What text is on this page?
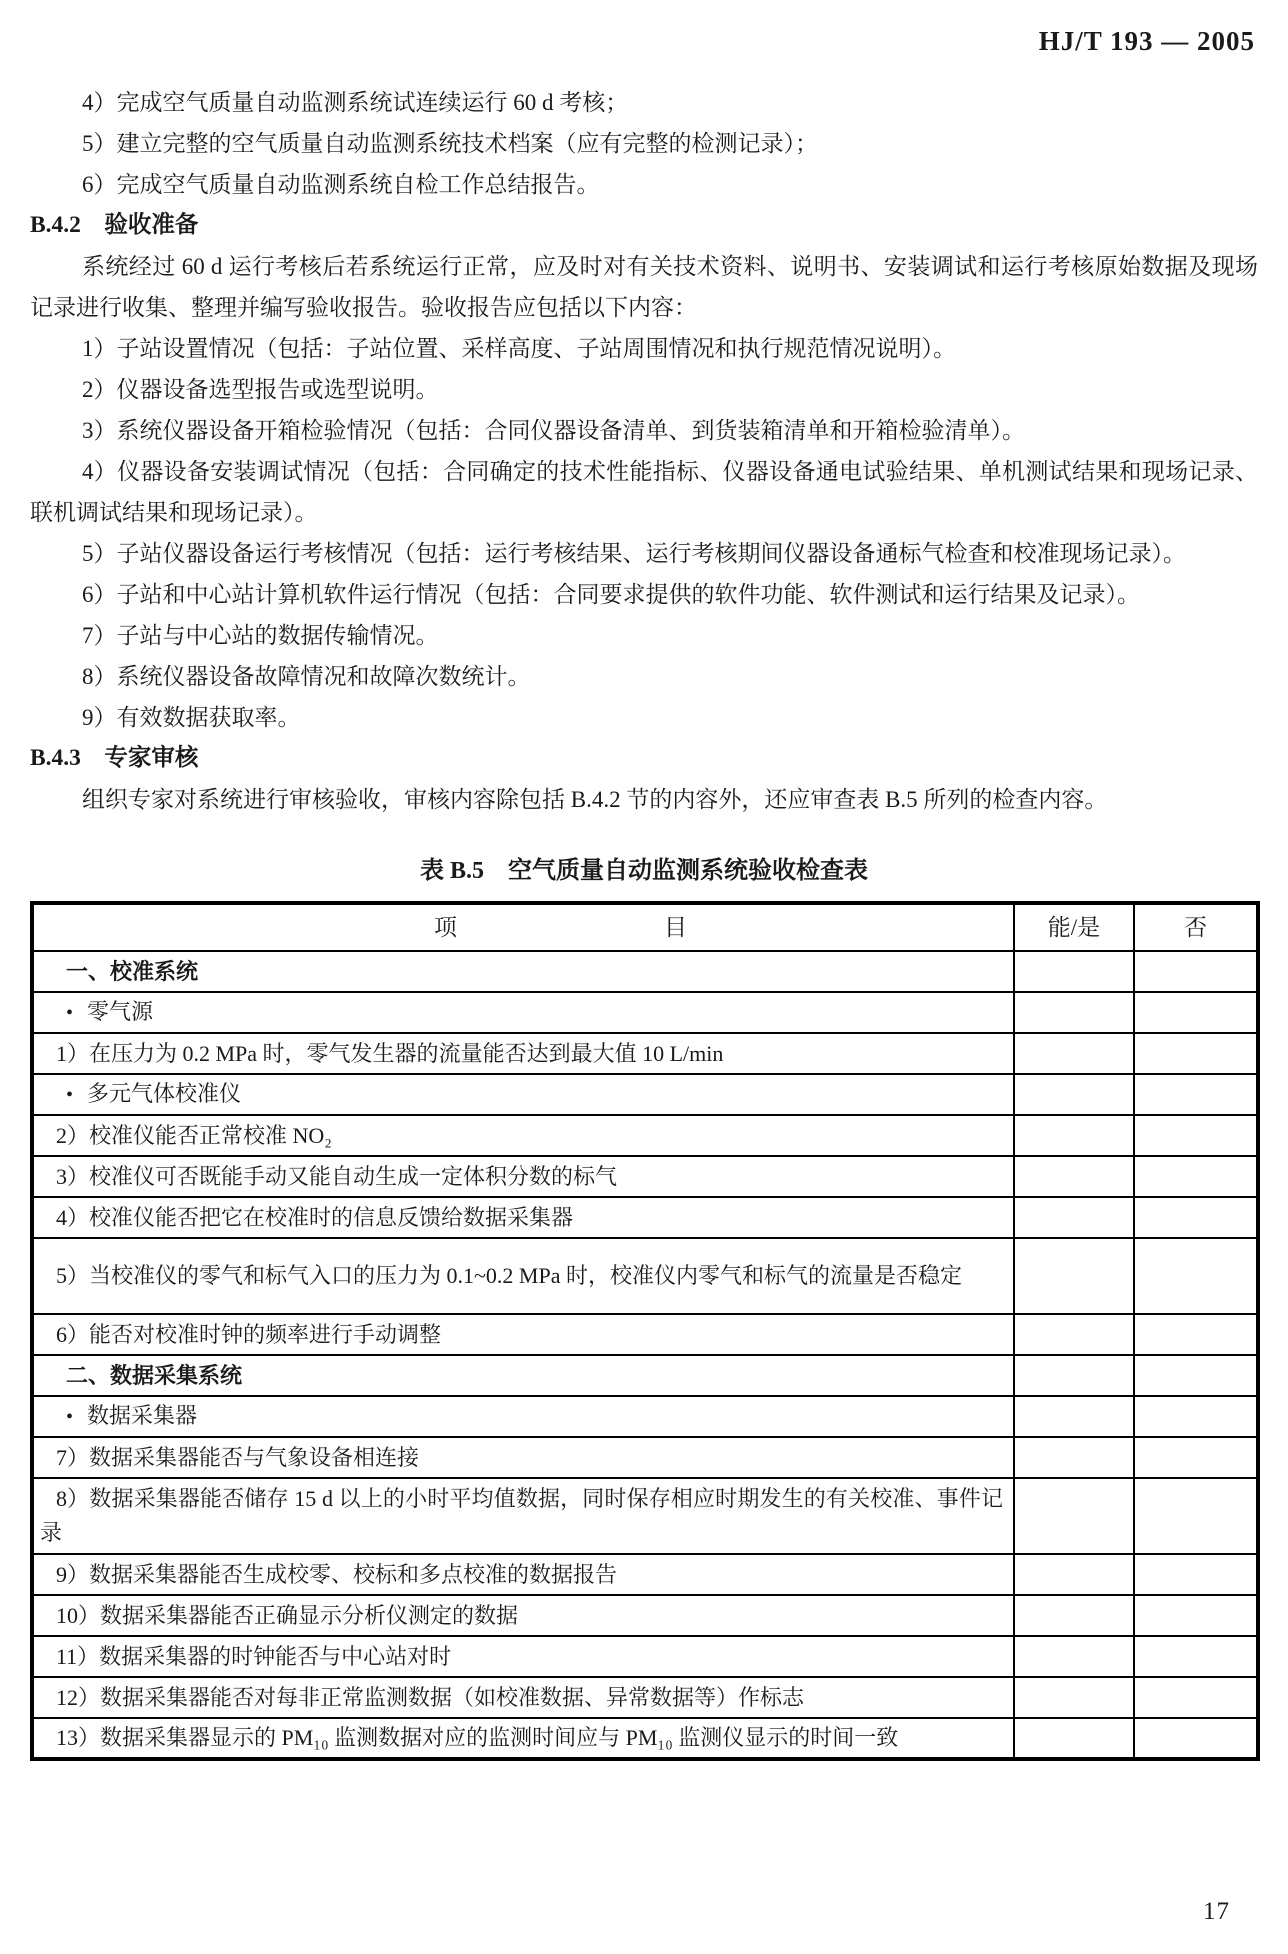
HJ/T 193 — 2005
4）完成空气质量自动监测系统试连续运行 60 d 考核；
5）建立完整的空气质量自动监测系统技术档案（应有完整的检测记录）；
6）完成空气质量自动监测系统自检工作总结报告。
B.4.2　验收准备
系统经过 60 d 运行考核后若系统运行正常，应及时对有关技术资料、说明书、安装调试和运行考核原始数据及现场记录进行收集、整理并编写验收报告。验收报告应包括以下内容：
1）子站设置情况（包括：子站位置、采样高度、子站周围情况和执行规范情况说明）。
2）仪器设备选型报告或选型说明。
3）系统仪器设备开箱检验情况（包括：合同仪器设备清单、到货装箱清单和开箱检验清单）。
4）仪器设备安装调试情况（包括：合同确定的技术性能指标、仪器设备通电试验结果、单机测试结果和现场记录、联机调试结果和现场记录）。
5）子站仪器设备运行考核情况（包括：运行考核结果、运行考核期间仪器设备通标气检查和校准现场记录）。
6）子站和中心站计算机软件运行情况（包括：合同要求提供的软件功能、软件测试和运行结果及记录）。
7）子站与中心站的数据传输情况。
8）系统仪器设备故障情况和故障次数统计。
9）有效数据获取率。
B.4.3　专家审核
组织专家对系统进行审核验收，审核内容除包括 B.4.2 节的内容外，还应审查表 B.5 所列的检查内容。
表 B.5　空气质量自动监测系统验收检查表
项　　　　　　　　　目	能/是	否
一、校准系统		
• 零气源		
1）在压力为 0.2 MPa 时，零气发生器的流量能否达到最大值 10 L/min		
• 多元气体校准仪		
2）校准仪能否正常校准 NO₂		
3）校准仪可否既能手动又能自动生成一定体积分数的标气		
4）校准仪能否把它在校准时的信息反馈给数据采集器		
5）当校准仪的零气和标气入口的压力为 0.1~0.2 MPa 时，校准仪内零气和标气的流量是否稳定		
6）能否对校准时钟的频率进行手动调整		
二、数据采集系统		
• 数据采集器		
7）数据采集器能否与气象设备相连接		
8）数据采集器能否储存 15 d 以上的小时平均值数据，同时保存相应时期发生的有关校准、事件记录		
9）数据采集器能否生成校零、校标和多点校准的数据报告		
10）数据采集器能否正确显示分析仪测定的数据		
11）数据采集器的时钟能否与中心站对时		
12）数据采集器能否对每非正常监测数据（如校准数据、异常数据等）作标志		
13）数据采集器显示的 PM₁₀ 监测数据对应的监测时间应与 PM₁₀ 监测仪显示的时间一致		
17
